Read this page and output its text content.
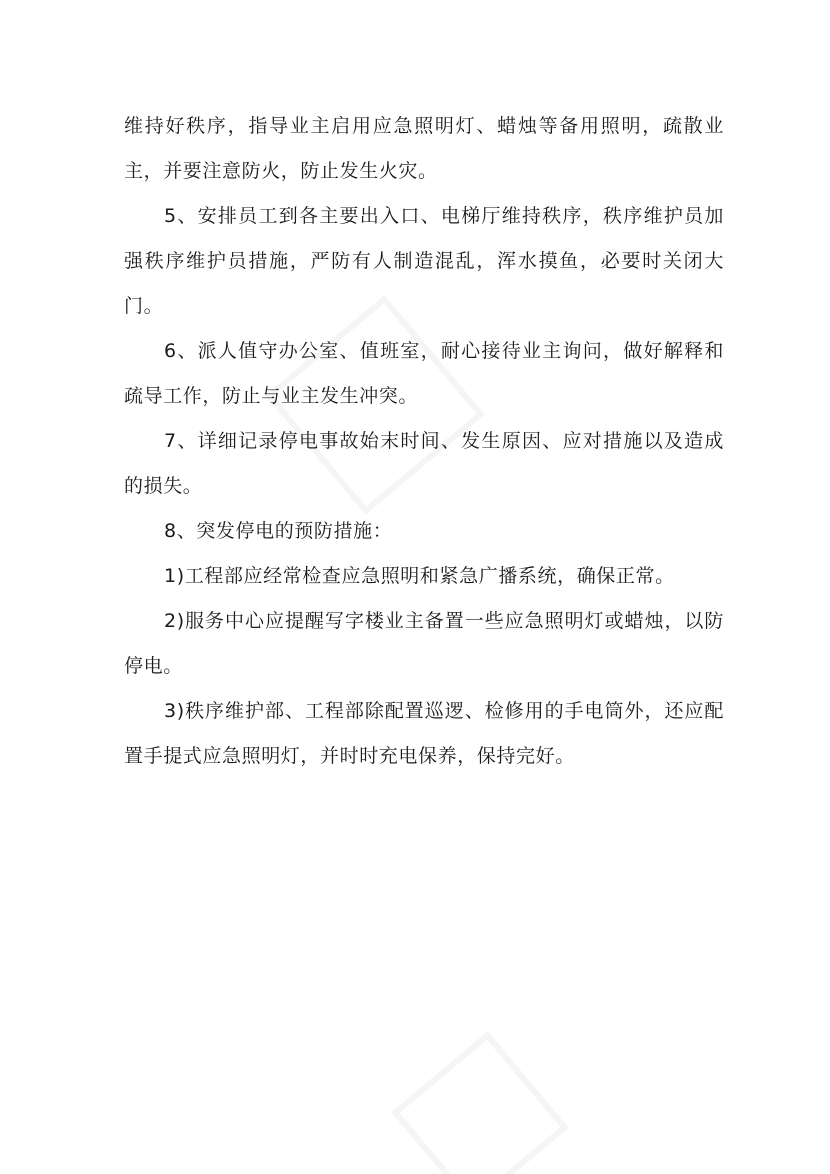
维持好秩序，指导业主启用应急照明灯、蜡烛等备用照明，疏散业主，并要注意防火，防止发生火灾。

5、安排员工到各主要出入口、电梯厅维持秩序，秩序维护员加强秩序维护员措施，严防有人制造混乱，浑水摸鱼，必要时关闭大门。

6、派人值守办公室、值班室，耐心接待业主询问，做好解释和疏导工作，防止与业主发生冲突。

7、详细记录停电事故始末时间、发生原因、应对措施以及造成的损失。

8、突发停电的预防措施：

1)工程部应经常检查应急照明和紧急广播系统，确保正常。

2)服务中心应提醒写字楼业主备置一些应急照明灯或蜡烛，以防停电。

3)秩序维护部、工程部除配置巡逻、检修用的手电筒外，还应配置手提式应急照明灯，并时时充电保养，保持完好。
